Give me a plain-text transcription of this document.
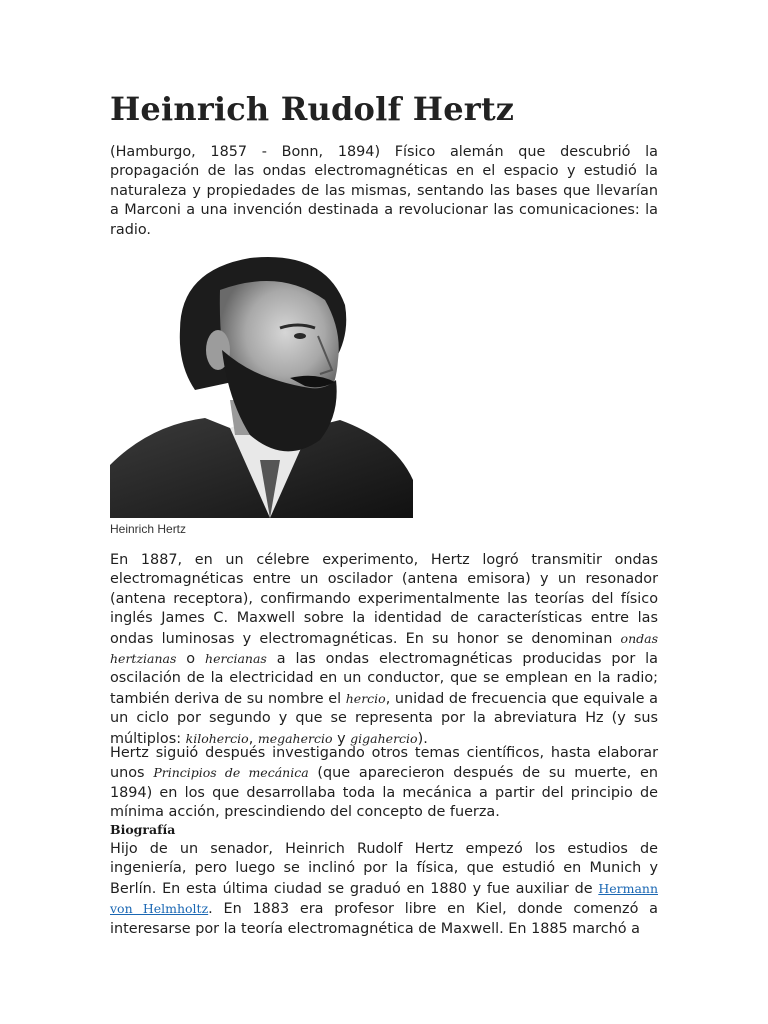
Heinrich Rudolf Hertz

(Hamburgo, 1857 - Bonn, 1894) Físico alemán que descubrió la propagación de las ondas electromagnéticas en el espacio y estudió la naturaleza y propiedades de las mismas, sentando las bases que llevarían a Marconi a una invención destinada a revolucionar las comunicaciones: la radio.

Heinrich Hertz

En 1887, en un célebre experimento, Hertz logró transmitir ondas electromagnéticas entre un oscilador (antena emisora) y un resonador (antena receptora), confirmando experimentalmente las teorías del físico inglés James C. Maxwell sobre la identidad de características entre las ondas luminosas y electromagnéticas. En su honor se denominan ondas hertzianas o hercianas a las ondas electromagnéticas producidas por la oscilación de la electricidad en un conductor, que se emplean en la radio; también deriva de su nombre el hercio, unidad de frecuencia que equivale a un ciclo por segundo y que se representa por la abreviatura Hz (y sus múltiplos: kilohercio, megahercio y gigahercio).

Hertz siguió después investigando otros temas científicos, hasta elaborar unos Principios de mecánica (que aparecieron después de su muerte, en 1894) en los que desarrollaba toda la mecánica a partir del principio de mínima acción, prescindiendo del concepto de fuerza.

Biografía

Hijo de un senador, Heinrich Rudolf Hertz empezó los estudios de ingeniería, pero luego se inclinó por la física, que estudió en Munich y Berlín. En esta última ciudad se graduó en 1880 y fue auxiliar de Hermann von Helmholtz. En 1883 era profesor libre en Kiel, donde comenzó a interesarse por la teoría electromagnética de Maxwell. En 1885 marchó a
